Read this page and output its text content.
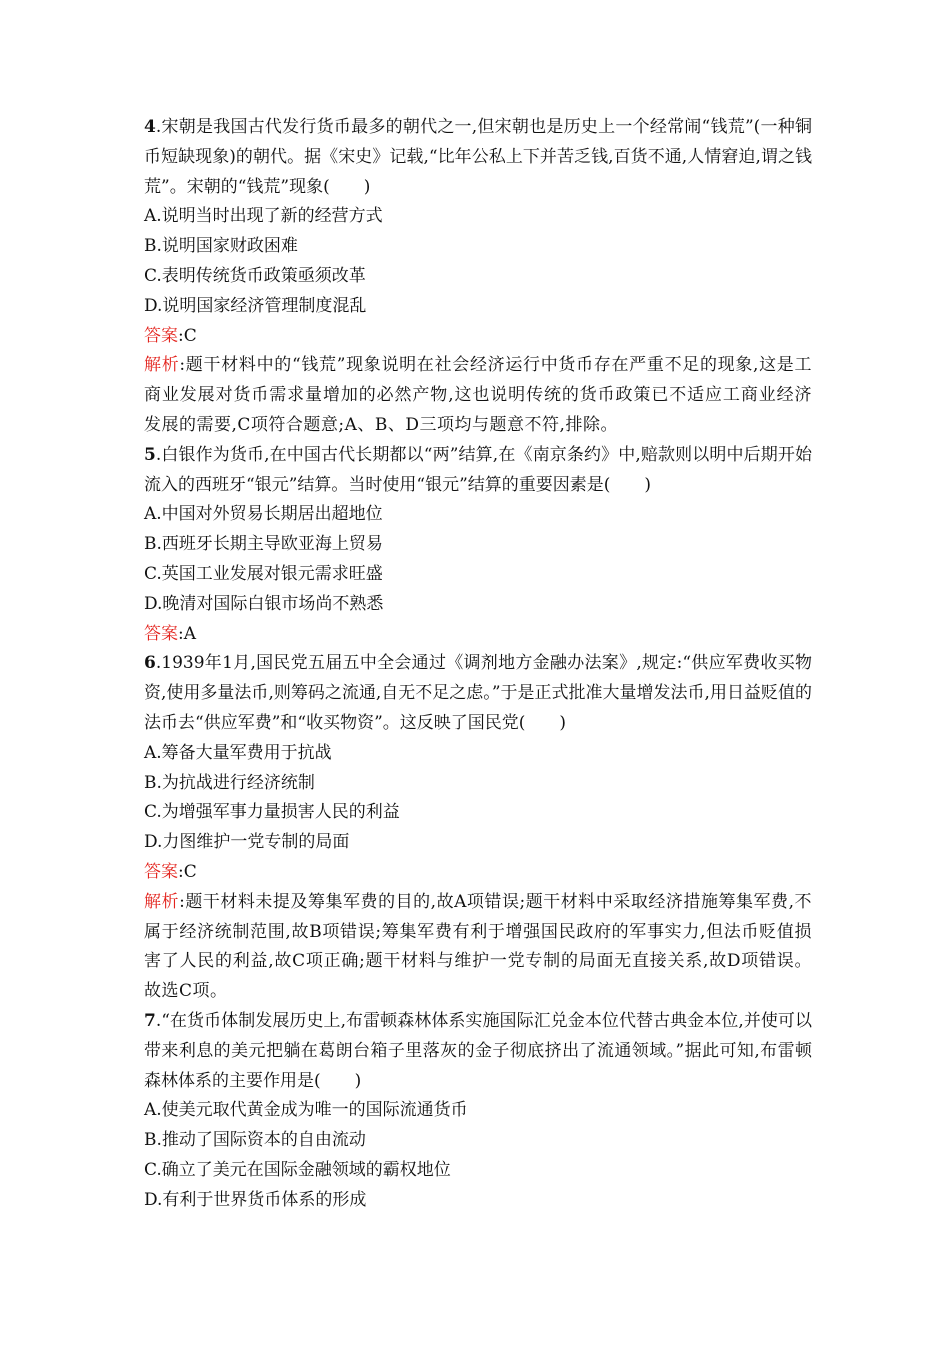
4.宋朝是我国古代发行货币最多的朝代之一,但宋朝也是历史上一个经常闹“钱荒”(一种铜币短缺现象)的朝代。据《宋史》记载,“比年公私上下并苦乏钱,百货不通,人情窘迫,谓之钱荒”。宋朝的“钱荒”现象(　　)

A.说明当时出现了新的经营方式

B.说明国家财政困难

C.表明传统货币政策亟须改革

D.说明国家经济管理制度混乱

答案:C

解析:题干材料中的“钱荒”现象说明在社会经济运行中货币存在严重不足的现象,这是工商业发展对货币需求量增加的必然产物,这也说明传统的货币政策已不适应工商业经济发展的需要,C项符合题意;A、B、D三项均与题意不符,排除。

5.白银作为货币,在中国古代长期都以“两”结算,在《南京条约》中,赔款则以明中后期开始流入的西班牙“银元”结算。当时使用“银元”结算的重要因素是(　　)

A.中国对外贸易长期居出超地位

B.西班牙长期主导欧亚海上贸易

C.英国工业发展对银元需求旺盛

D.晚清对国际白银市场尚不熟悉

答案:A

6.1939年1月,国民党五届五中全会通过《调剂地方金融办法案》,规定:“供应军费收买物资,使用多量法币,则筹码之流通,自无不足之虑。”于是正式批准大量增发法币,用日益贬值的法币去“供应军费”和“收买物资”。这反映了国民党(　　)

A.筹备大量军费用于抗战

B.为抗战进行经济统制

C.为增强军事力量损害人民的利益

D.力图维护一党专制的局面

答案:C

解析:题干材料未提及筹集军费的目的,故A项错误;题干材料中采取经济措施筹集军费,不属于经济统制范围,故B项错误;筹集军费有利于增强国民政府的军事实力,但法币贬值损害了人民的利益,故C项正确;题干材料与维护一党专制的局面无直接关系,故D项错误。故选C项。

7.“在货币体制发展历史上,布雷顿森林体系实施国际汇兑金本位代替古典金本位,并使可以带来利息的美元把躺在葛朗台箱子里落灰的金子彻底挤出了流通领域。”据此可知,布雷顿森林体系的主要作用是(　　)

A.使美元取代黄金成为唯一的国际流通货币

B.推动了国际资本的自由流动

C.确立了美元在国际金融领域的霸权地位

D.有利于世界货币体系的形成
